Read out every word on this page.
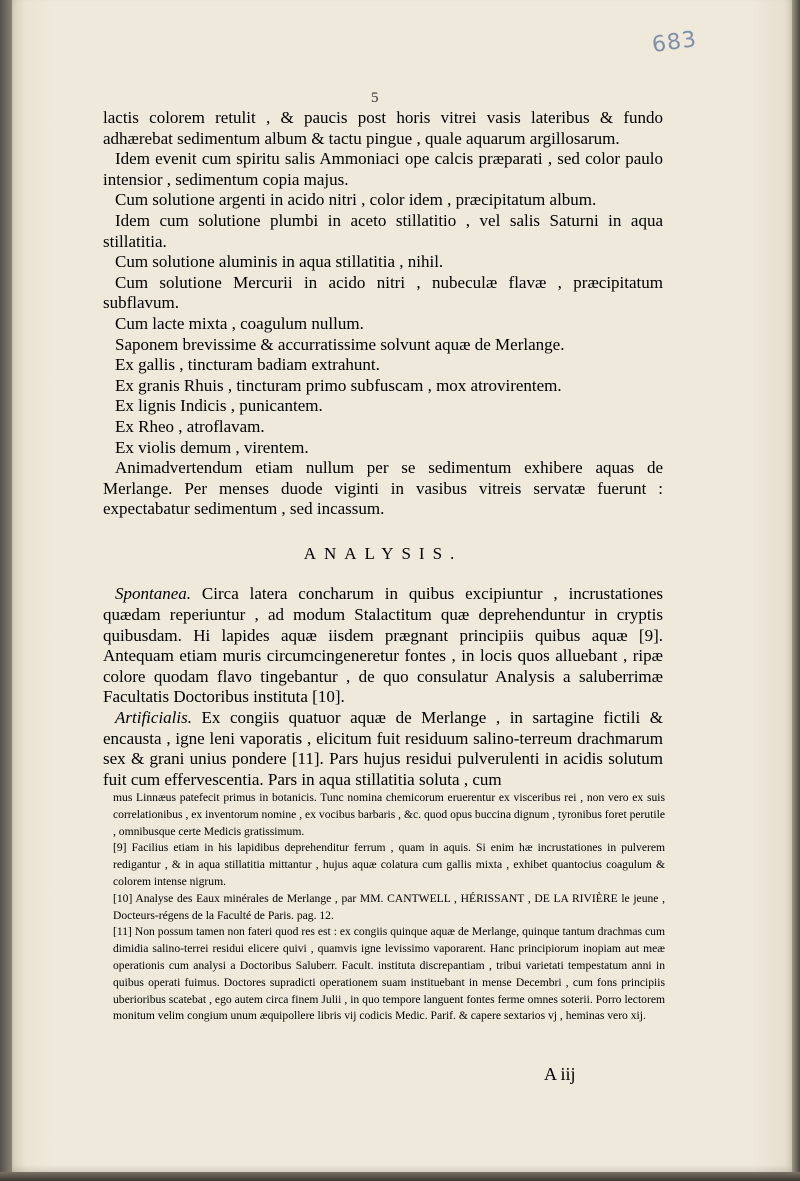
683
5

lactis colorem retulit , & paucis post horis vitrei vasis lateribus & fundo adhærebat sedimentum album & tactu pingue , quale aquarum argillosarum.

Idem evenit cum spiritu salis Ammoniaci ope calcis præparati , sed color paulo intensior , sedimentum copia majus.

Cum solutione argenti in acido nitri , color idem , præcipitatum album.

Idem cum solutione plumbi in aceto stillatitio , vel salis Saturni in aqua stillatitia.

Cum solutione aluminis in aqua stillatitia , nihil.

Cum solutione Mercurii in acido nitri , nubeculæ flavæ , præcipitatum subflavum.

Cum lacte mixta , coagulum nullum.

Saponem brevissime & accurratissime solvunt aquæ de Merlange.

Ex gallis , tincturam badiam extrahunt.

Ex granis Rhuis , tincturam primo subfuscam , mox atrovirentem.

Ex lignis Indicis , punicantem.

Ex Rheo , atroflavam.

Ex violis demum , virentem.

Animadvertendum etiam nullum per se sedimentum exhibere aquas de Merlange. Per menses duode viginti in vasibus vitreis servatæ fuerunt : expectabatur sedimentum , sed incassum.

ANALYSIS.

Spontanea. Circa latera concharum in quibus excipiuntur , incrustationes quædam reperiuntur , ad modum Stalactitum quæ deprehenduntur in cryptis quibusdam. Hi lapides aquæ iisdem prægnant principiis quibus aquæ [9]. Antequam etiam muris circumcingeneretur fontes , in locis quos alluebant , ripæ colore quodam flavo tingebantur , de quo consulatur Analysis a saluberrimæ Facultatis Doctoribus instituta [10].

Artificialis. Ex congiis quatuor aquæ de Merlange , in sartagine fictili & encausta , igne leni vaporatis , elicitum fuit residuum salino-terreum drachmarum sex & grani unius pondere [11]. Pars hujus residui pulverulenti in acidis solutum fuit cum effervescentia. Pars in aqua stillatitia soluta , cum

mus Linnæus patefecit primus in botanicis. Tunc nomina chemicorum eruerentur ex visceribus rei , non vero ex suis correlationibus , ex inventorum nomine , ex vocibus barbaris , &c. quod opus buccina dignum , tyronibus foret perutile , omnibusque certe Medicis gratissimum.

[9] Facilius etiam in his lapidibus deprehenditur ferrum , quam in aquis. Si enim hæ incrustationes in pulverem redigantur , & in aqua stillatitia mittantur , hujus aquæ colatura cum gallis mixta , exhibet quantocius coagulum & colorem intense nigrum.

[10] Analyse des Eaux minérales de Merlange , par MM. CANTWELL , HÉRISSANT , DE LA RIVIÈRE le jeune , Docteurs-régens de la Faculté de Paris. pag. 12.

[11] Non possum tamen non fateri quod res est : ex congiis quinque aquæ de Merlange, quinque tantum drachmas cum dimidia salino-terrei residui elicere quivi , quamvis igne levissimo vaporarent. Hanc principiorum inopiam aut meæ operationis cum analysi a Doctoribus Saluberr. Facult. instituta discrepantiam , tribui varietati tempestatum anni in quibus operati fuimus. Doctores supradicti operationem suam instituebant in mense Decembri , cum fons principiis uberioribus scatebat , ego autem circa finem Julii , in quo tempore languent fontes ferme omnes soterii. Porro lectorem monitum velim congium unum æquipollere libris vij codicis Medic. Parif. & capere sextarios vj , heminas vero xij.

A iij
